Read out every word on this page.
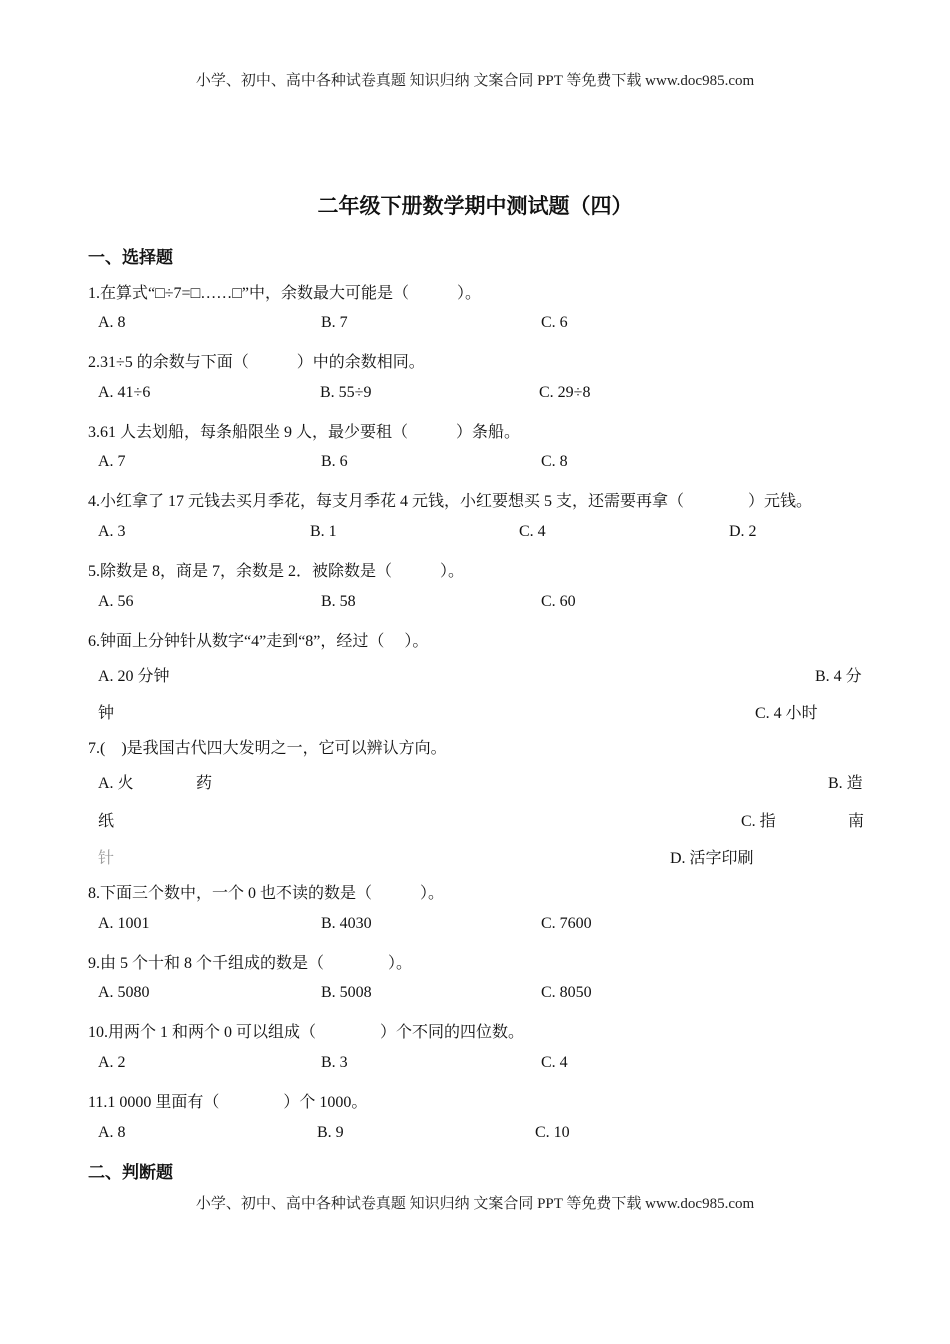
小学、初中、高中各种试卷真题 知识归纳 文案合同 PPT 等免费下载 www.doc985.com
二年级下册数学期中测试题（四）
一、选择题
1.在算式“□÷7=□……□”中，余数最大可能是（　　　）。
A. 8	B. 7	C. 6
2.31÷5 的余数与下面（　　　）中的余数相同。
A. 41÷6	B. 55÷9	C. 29÷8
3.61 人去划船，每条船限坐 9 人，最少要租（　　　）条船。
A. 7	B. 6	C. 8
4.小红拿了 17 元钱去买月季花，每支月季花 4 元钱，小红要想买 5 支，还需要再拿（　　　　）元钱。
A. 3	B. 1	C. 4	D. 2
5.除数是 8，商是 7，余数是 2．被除数是（　　　）。
A. 56	B. 58	C. 60
6.钟面上分钟针从数字“4”走到“8”，经过（　 ）。
A. 20 分钟	B. 4 分
钟	C. 4 小时
7.(　)是我国古代四大发明之一，它可以辨认方向。
A. 火	药	B. 造
纸	C. 指	南
针	D. 活字印刷
8.下面三个数中，一个 0 也不读的数是（　　　）。
A. 1001	B. 4030	C. 7600
9.由 5 个十和 8 个千组成的数是（　　　　）。
A. 5080	B. 5008	C. 8050
10.用两个 1 和两个 0 可以组成（　　　　）个不同的四位数。
A. 2	B. 3	C. 4
11.1 0000 里面有（　　　　）个 1000。
A. 8	B. 9	C. 10
二、判断题
小学、初中、高中各种试卷真题 知识归纳 文案合同 PPT 等免费下载 www.doc985.com
